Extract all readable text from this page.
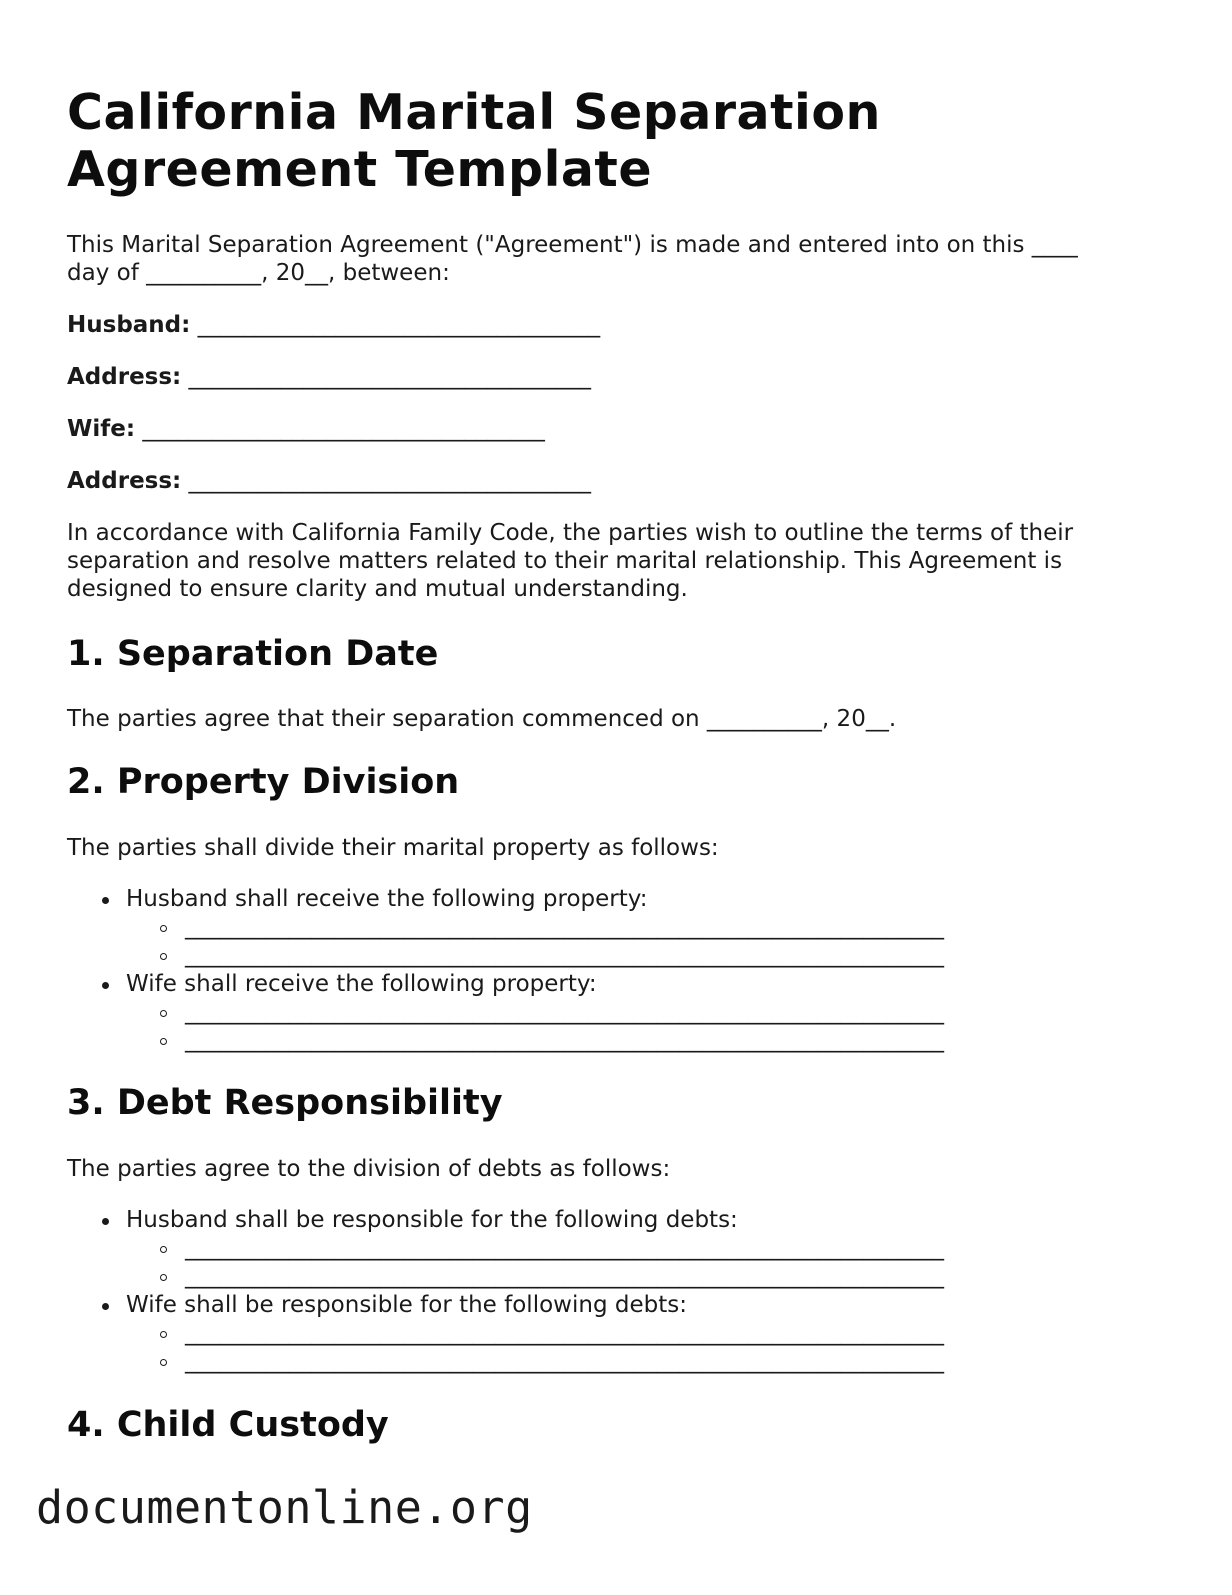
California Marital Separation Agreement Template

This Marital Separation Agreement ("Agreement") is made and entered into on this ____ day of __________, 20__, between:

Husband: ___________________________________
Address: ___________________________________
Wife: ___________________________________
Address: ___________________________________

In accordance with California Family Code, the parties wish to outline the terms of their separation and resolve matters related to their marital relationship. This Agreement is designed to ensure clarity and mutual understanding.

1. Separation Date

The parties agree that their separation commenced on __________, 20__.

2. Property Division

The parties shall divide their marital property as follows:

Husband shall receive the following property:
__________________________________________________________________
__________________________________________________________________
Wife shall receive the following property:
__________________________________________________________________
__________________________________________________________________
3. Debt Responsibility

The parties agree to the division of debts as follows:

Husband shall be responsible for the following debts:
__________________________________________________________________
__________________________________________________________________
Wife shall be responsible for the following debts:
__________________________________________________________________
__________________________________________________________________
4. Child Custody
documentonline.org
